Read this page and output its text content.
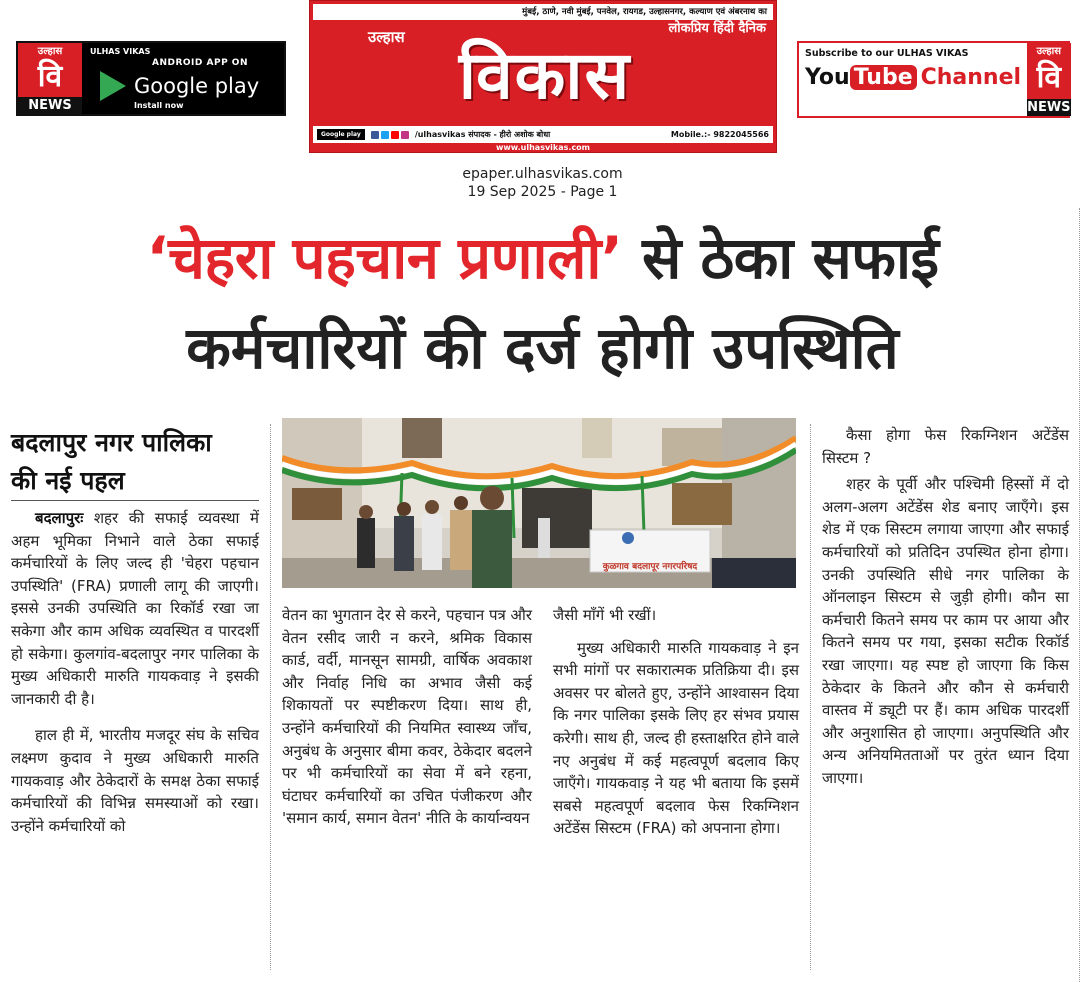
उल्हास
वि
NEWS
ULHAS VIKAS
ANDROID APP ON
Google play
Install now
मुंबई, ठाणे, नवी मुंबई, पनवेल, रायगड, उल्हासनगर, कल्याण एवं अंबरनाथ का
लोकप्रिय हिंदी दैनिक
उल्हास विकास
Google play	/ulhasvikas संपादक - हीरो अशोक बोधा	Mobile.:- 9822045566
www.ulhasvikas.com
Subscribe to our ULHAS VIKAS
You Tube Channel
उल्हास
वि
NEWS
epaper.ulhasvikas.com
19 Sep 2025 - Page 1
‘चेहरा पहचान प्रणाली’ से ठेका सफाई
कर्मचारियों की दर्ज होगी उपस्थिति
बदलापुर नगर पालिका
की नई पहल
कुळगाव बदलापूर नगरपरिषद

बदलापुरः शहर की सफाई व्यवस्था में अहम भूमिका निभाने वाले ठेका सफाई कर्मचारियों के लिए जल्द ही 'चेहरा पहचान उपस्थिति' (FRA) प्रणाली लागू की जाएगी। इससे उनकी उपस्थिति का रिकॉर्ड रखा जा सकेगा और काम अधिक व्यवस्थित व पारदर्शी हो सकेगा। कुलगांव-बदलापुर नगर पालिका के मुख्य अधिकारी मारुति गायकवाड़ ने इसकी जानकारी दी है।

हाल ही में, भारतीय मजदूर संघ के सचिव लक्ष्मण कुदाव ने मुख्य अधिकारी मारुति गायकवाड़ और ठेकेदारों के समक्ष ठेका सफाई कर्मचारियों की विभिन्न समस्याओं को रखा। उन्होंने कर्मचारियों को

वेतन का भुगतान देर से करने, पहचान पत्र और वेतन रसीद जारी न करने, श्रमिक विकास कार्ड, वर्दी, मानसून सामग्री, वार्षिक अवकाश और निर्वाह निधि का अभाव जैसी कई शिकायतों पर स्पष्टीकरण दिया। साथ ही, उन्होंने कर्मचारियों की नियमित स्वास्थ्य जाँच, अनुबंध के अनुसार बीमा कवर, ठेकेदार बदलने पर भी कर्मचारियों का सेवा में बने रहना, घंटाघर कर्मचारियों का उचित पंजीकरण और 'समान कार्य, समान वेतन' नीति के कार्यान्वयन

जैसी माँगें भी रखीं।

मुख्य अधिकारी मारुति गायकवाड़ ने इन सभी मांगों पर सकारात्मक प्रतिक्रिया दी। इस अवसर पर बोलते हुए, उन्होंने आश्वासन दिया कि नगर पालिका इसके लिए हर संभव प्रयास करेगी। साथ ही, जल्द ही हस्ताक्षरित होने वाले नए अनुबंध में कई महत्वपूर्ण बदलाव किए जाएँगे। गायकवाड़ ने यह भी बताया कि इसमें सबसे महत्वपूर्ण बदलाव फेस रिकग्निशन अटेंडेंस सिस्टम (FRA) को अपनाना होगा।

कैसा होगा फेस रिकग्निशन अटेंडेंस सिस्टम ?

शहर के पूर्वी और पश्चिमी हिस्सों में दो अलग-अलग अटेंडेंस शेड बनाए जाएँगे। इस शेड में एक सिस्टम लगाया जाएगा और सफाई कर्मचारियों को प्रतिदिन उपस्थित होना होगा। उनकी उपस्थिति सीधे नगर पालिका के ऑनलाइन सिस्टम से जुड़ी होगी। कौन सा कर्मचारी कितने समय पर काम पर आया और कितने समय पर गया, इसका सटीक रिकॉर्ड रखा जाएगा। यह स्पष्ट हो जाएगा कि किस ठेकेदार के कितने और कौन से कर्मचारी वास्तव में ड्यूटी पर हैं। काम अधिक पारदर्शी और अनुशासित हो जाएगा। अनुपस्थिति और अन्य अनियमितताओं पर तुरंत ध्यान दिया जाएगा।
